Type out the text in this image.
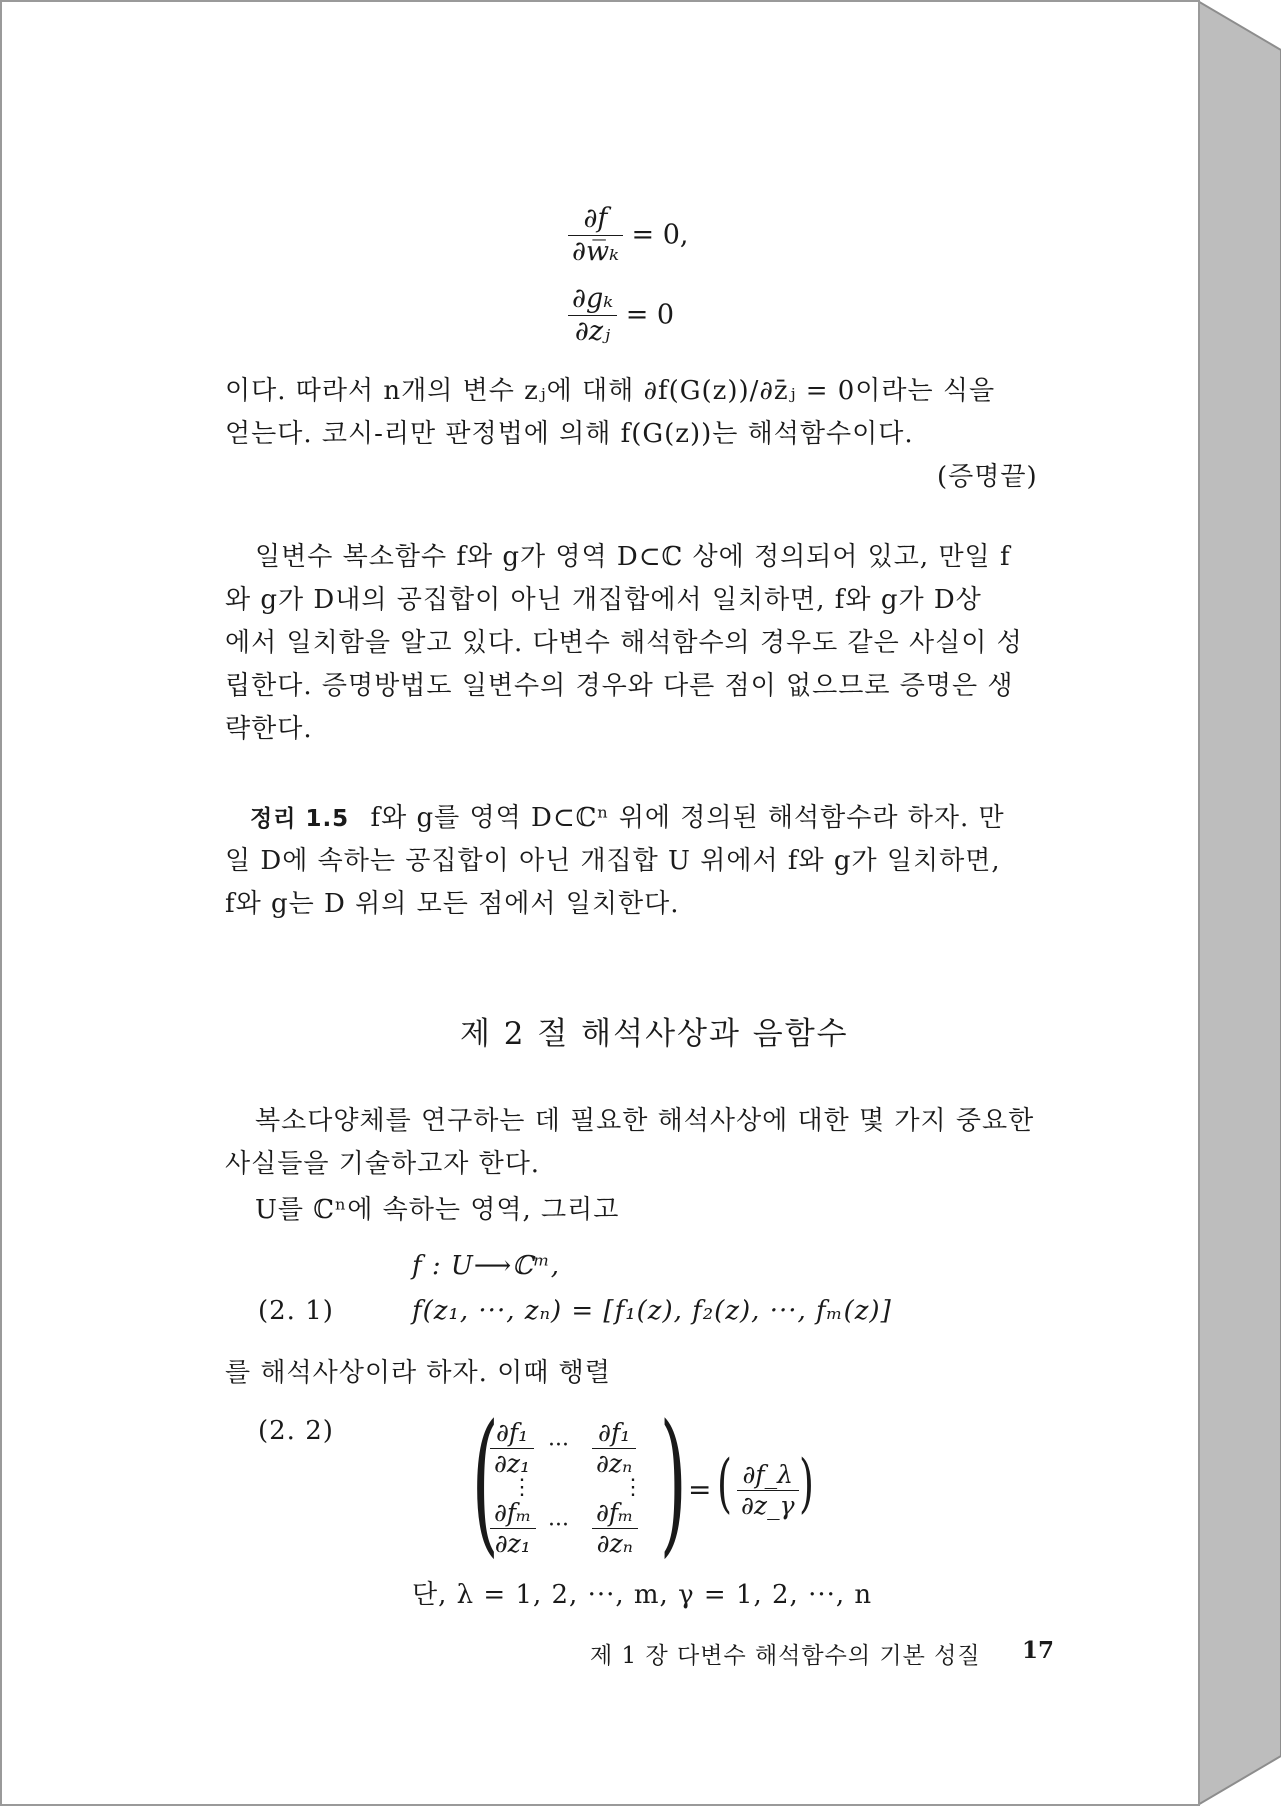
$\frac{\partial f}{\text{∂w̅ₖ}} = 0$,
$\frac{\text{∂gₖ}}{\text{∂zⱼ}} = 0$
이다. 따라서 n개의 변수 zⱼ에 대해 ∂f(G(z))/∂z̄ⱼ = 0이라는 식을
얻는다. 코시-리만 판정법에 의해 f(G(z))는 해석함수이다.
(증명끝)
일변수 복소함수 f와 g가 영역 D⊂ℂ 상에 정의되어 있고, 만일 f
와 g가 D내의 공집합이 아닌 개집합에서 일치하면, f와 g가 D상
에서 일치함을 알고 있다. 다변수 해석함수의 경우도 같은 사실이 성
립한다. 증명방법도 일변수의 경우와 다른 점이 없으므로 증명은 생
략한다.
정리 1.5 f와 g를 영역 D⊂ℂⁿ 위에 정의된 해석함수라 하자. 만
일 D에 속하는 공집합이 아닌 개집합 U 위에서 f와 g가 일치하면,
f와 g는 D 위의 모든 점에서 일치한다.
제 2 절 해석사상과 음함수
복소다양체를 연구하는 데 필요한 해석사상에 대한 몇 가지 중요한
사실들을 기술하고자 한다.
U를 ℂⁿ에 속하는 영역, 그리고
f : U⟶ℂᵐ,
(2. 1)	f(z₁, ···, zₙ) = [f₁(z), f₂(z), ···, fₘ(z)]
를 해석사상이라 하자. 이때 행렬
(2. 2) ( )
$\frac{\text{∂f₁}}{\text{∂z₁}}$ ··· $\frac{\text{∂f₁}}{\text{∂zₙ}}$
⋮	⋮
$\frac{\text{∂fₘ}}{\text{∂z₁}}$ ··· $\frac{\text{∂fₘ}}{\text{∂zₙ}}$
= ( $\frac{\partial f\_\lambda}{\partial z\_\gamma}$ )
단, λ = 1, 2, ···, m, γ = 1, 2, ···, n
제 1 장 다변수 해석함수의 기본 성질 17
